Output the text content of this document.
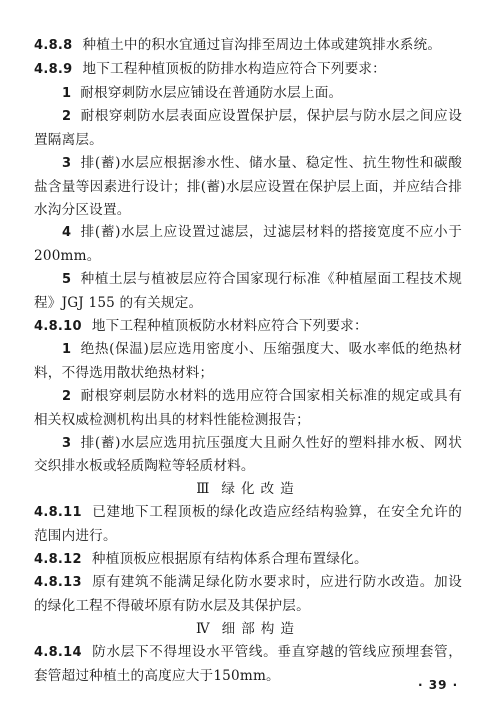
4.8.8 种植土中的积水宜通过盲沟排至周边土体或建筑排水系统。

4.8.9 地下工程种植顶板的防排水构造应符合下列要求：

1 耐根穿刺防水层应铺设在普通防水层上面。

2 耐根穿刺防水层表面应设置保护层，保护层与防水层之间应设置隔离层。

3 排(蓄)水层应根据渗水性、储水量、稳定性、抗生物性和碳酸盐含量等因素进行设计；排(蓄)水层应设置在保护层上面，并应结合排水沟分区设置。

4 排(蓄)水层上应设置过滤层，过滤层材料的搭接宽度不应小于 200mm。

5 种植土层与植被层应符合国家现行标准《种植屋面工程技术规程》JGJ 155 的有关规定。

4.8.10 地下工程种植顶板防水材料应符合下列要求：

1 绝热(保温)层应选用密度小、压缩强度大、吸水率低的绝热材料，不得选用散状绝热材料；

2 耐根穿刺层防水材料的选用应符合国家相关标准的规定或具有相关权威检测机构出具的材料性能检测报告；

3 排(蓄)水层应选用抗压强度大且耐久性好的塑料排水板、网状交织排水板或轻质陶粒等轻质材料。

Ⅲ 绿化改造

4.8.11 已建地下工程顶板的绿化改造应经结构验算，在安全允许的范围内进行。

4.8.12 种植顶板应根据原有结构体系合理布置绿化。

4.8.13 原有建筑不能满足绿化防水要求时，应进行防水改造。加设的绿化工程不得破坏原有防水层及其保护层。

Ⅳ 细部构造

4.8.14 防水层下不得埋设水平管线。垂直穿越的管线应预埋套管，套管超过种植土的高度应大于150mm。

· 39 ·
